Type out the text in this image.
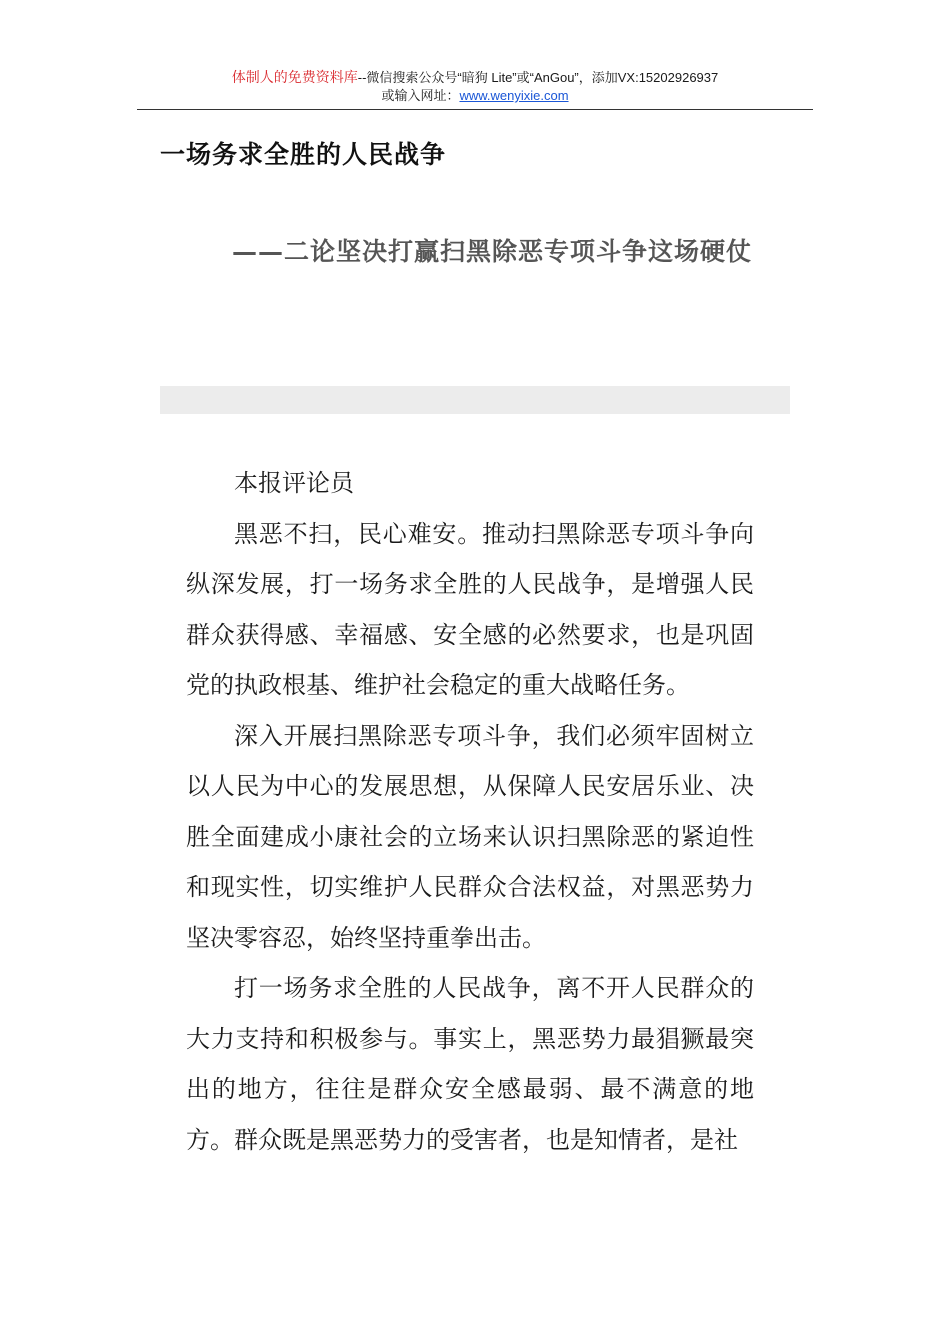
体制人的免费资料库--微信搜索公众号“暗狗 Lite”或“AnGou”，添加VX:15202926937
或输入网址：www.wenyixie.com
一场务求全胜的人民战争
——二论坚决打赢扫黑除恶专项斗争这场硬仗

本报评论员

黑恶不扫，民心难安。推动扫黑除恶专项斗争向纵深发展，打一场务求全胜的人民战争，是增强人民群众获得感、幸福感、安全感的必然要求，也是巩固党的执政根基、维护社会稳定的重大战略任务。

深入开展扫黑除恶专项斗争，我们必须牢固树立以人民为中心的发展思想，从保障人民安居乐业、决胜全面建成小康社会的立场来认识扫黑除恶的紧迫性和现实性，切实维护人民群众合法权益，对黑恶势力坚决零容忍，始终坚持重拳出击。

打一场务求全胜的人民战争，离不开人民群众的大力支持和积极参与。事实上，黑恶势力最猖獗最突出的地方，往往是群众安全感最弱、最不满意的地方。群众既是黑恶势力的受害者，也是知情者，是社
